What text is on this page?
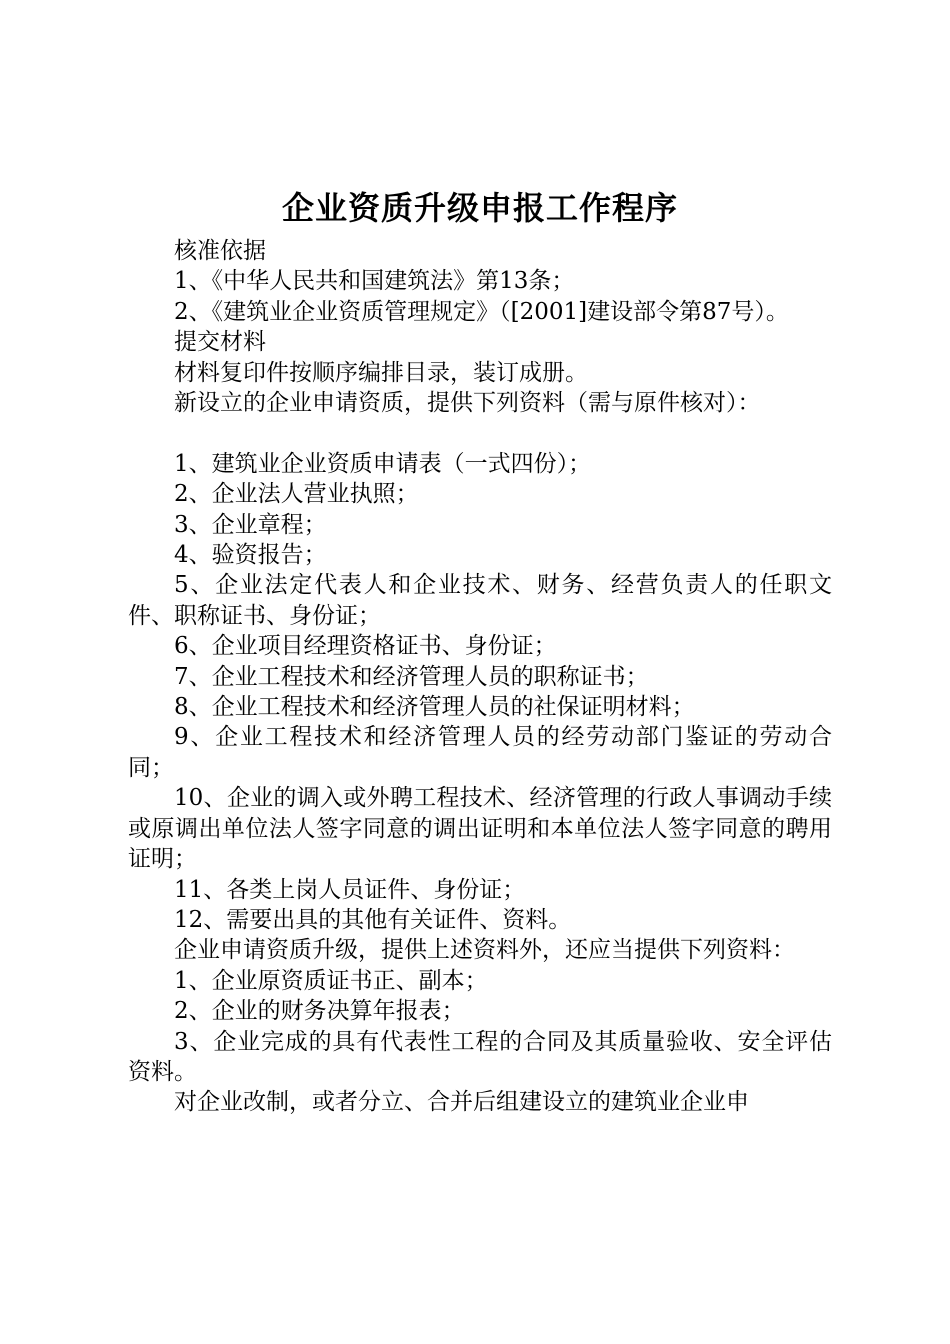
企业资质升级申报工作程序

核准依据

1、《中华人民共和国建筑法》第13条；

2、《建筑业企业资质管理规定》（[2001]建设部令第87号）。

提交材料

材料复印件按顺序编排目录，装订成册。

新设立的企业申请资质，提供下列资料（需与原件核对）：

1、建筑业企业资质申请表（一式四份）；

2、企业法人营业执照；

3、企业章程；

4、验资报告；

5、企业法定代表人和企业技术、财务、经营负责人的任职文件、职称证书、身份证；

6、企业项目经理资格证书、身份证；

7、企业工程技术和经济管理人员的职称证书；

8、企业工程技术和经济管理人员的社保证明材料；

9、企业工程技术和经济管理人员的经劳动部门鉴证的劳动合同；

10、企业的调入或外聘工程技术、经济管理的行政人事调动手续或原调出单位法人签字同意的调出证明和本单位法人签字同意的聘用证明；

11、各类上岗人员证件、身份证；

12、需要出具的其他有关证件、资料。

企业申请资质升级，提供上述资料外，还应当提供下列资料：

1、企业原资质证书正、副本；

2、企业的财务决算年报表；

3、企业完成的具有代表性工程的合同及其质量验收、安全评估资料。

对企业改制，或者分立、合并后组建设立的建筑业企业申
